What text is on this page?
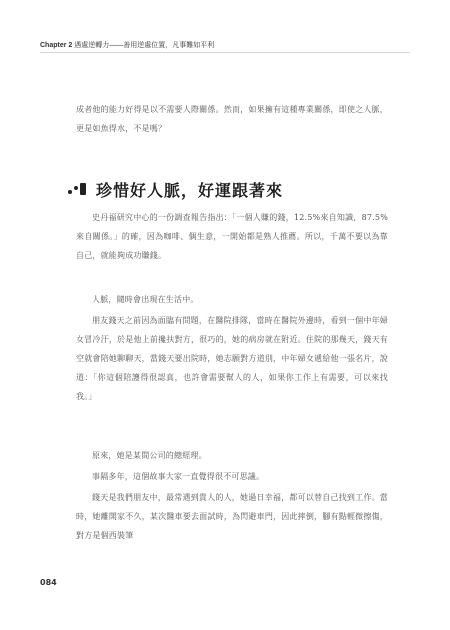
Chapter 2 遇處逆轉力——善用逆處位置，凡事難如平利
成者他的能力好得是以不需要人際關係。然而，如果擁有這種專業關係，即使之人脈，更是如魚得水，不是嗎？
珍惜好人脈，好運跟著來
史丹福研究中心的一份調查報告指出：「一個人賺的錢，12.5%來自知識，87.5%來自關係。」的確，因為咖啡、偶生意，一開始都是熟人推薦。所以，千萬不要以為靠自己，就能夠成功賺錢。
人脈，隨時會出現在生活中。
朋友錢天之前因為面臨有問題，在醫院排隊，當時在醫院外邊時，看到一個中年婦女冒冷汗，於是他上前攙扶對方，很巧的，她的病房就在附近。住院的那幾天，錢天有空就會陪她聊聊天，當錢天要出院時，她志願對方道別，中年婦女遞給他一張名片，說道：「你這個陪護得很認真，也許會需要幫人的人，如果你工作上有需要，可以來找我。」
原來，她是某間公司的總經理。
事隔多年，這個故事大家一直覺得很不可思議。
錢天是我們朋友中，最常遇到貴人的人，她過日幸福，都可以替自己找到工作。當時，她離開家不久，某次醫車要去面試時，為閃避車門，因此摔倒，腳有點輕微擦傷，對方是個西裝筆
084
